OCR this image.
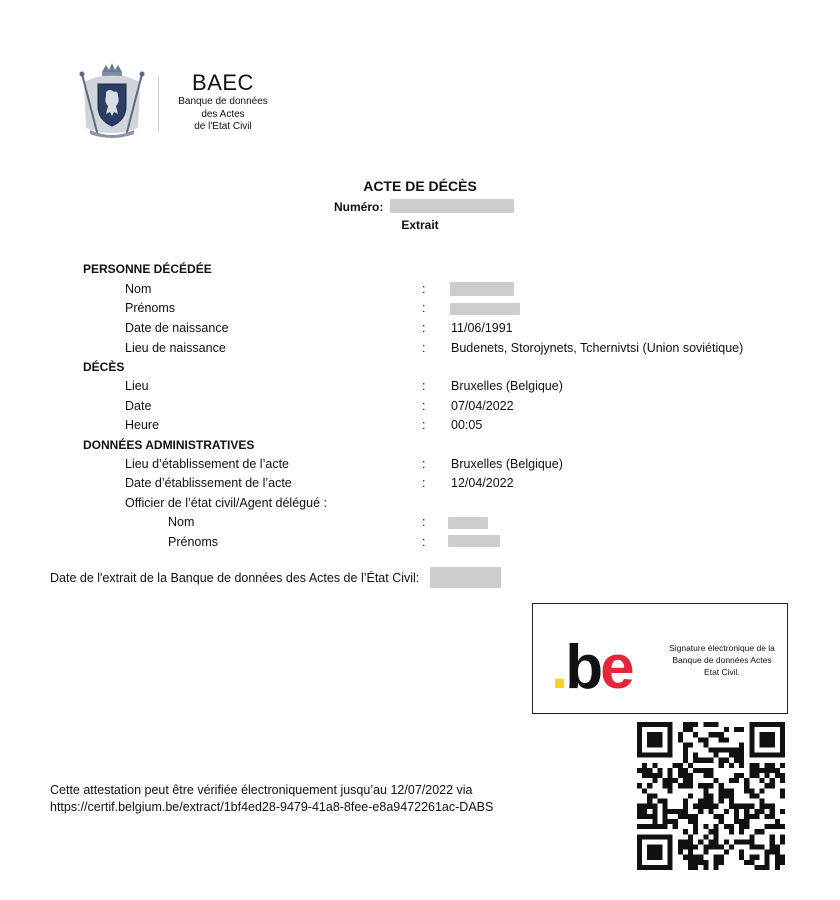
BAEC
Banque de données
des Actes
de l'Etat Civil
ACTE DE DÉCÈS
Numéro:
Extrait
PERSONNE DÉCÉDÉE
Nom	:
Prénoms	:
Date de naissance	: 11/06/1991
Lieu de naissance	: Budenets, Storojynets, Tchernivtsi (Union soviétique)
DÉCÈS
Lieu	: Bruxelles (Belgique)
Date	: 07/04/2022
Heure	: 00:05
DONNÉES ADMINISTRATIVES
Lieu d’établissement de l’acte	: Bruxelles (Belgique)
Date d’établissement de l’acte	: 12/04/2022
Officier de l’état civil/Agent délégué :
Nom	:
Prénoms	:
Date de l'extrait de la Banque de données des Actes de l’État Civil:
.be	Signature électronique de la
Banque de données Actes
Etat Civil.
Cette attestation peut être vérifiée électroniquement jusqu’au 12/07/2022 via
https://certif.belgium.be/extract/1bf4ed28-9479-41a8-8fee-e8a9472261ac-DABS
